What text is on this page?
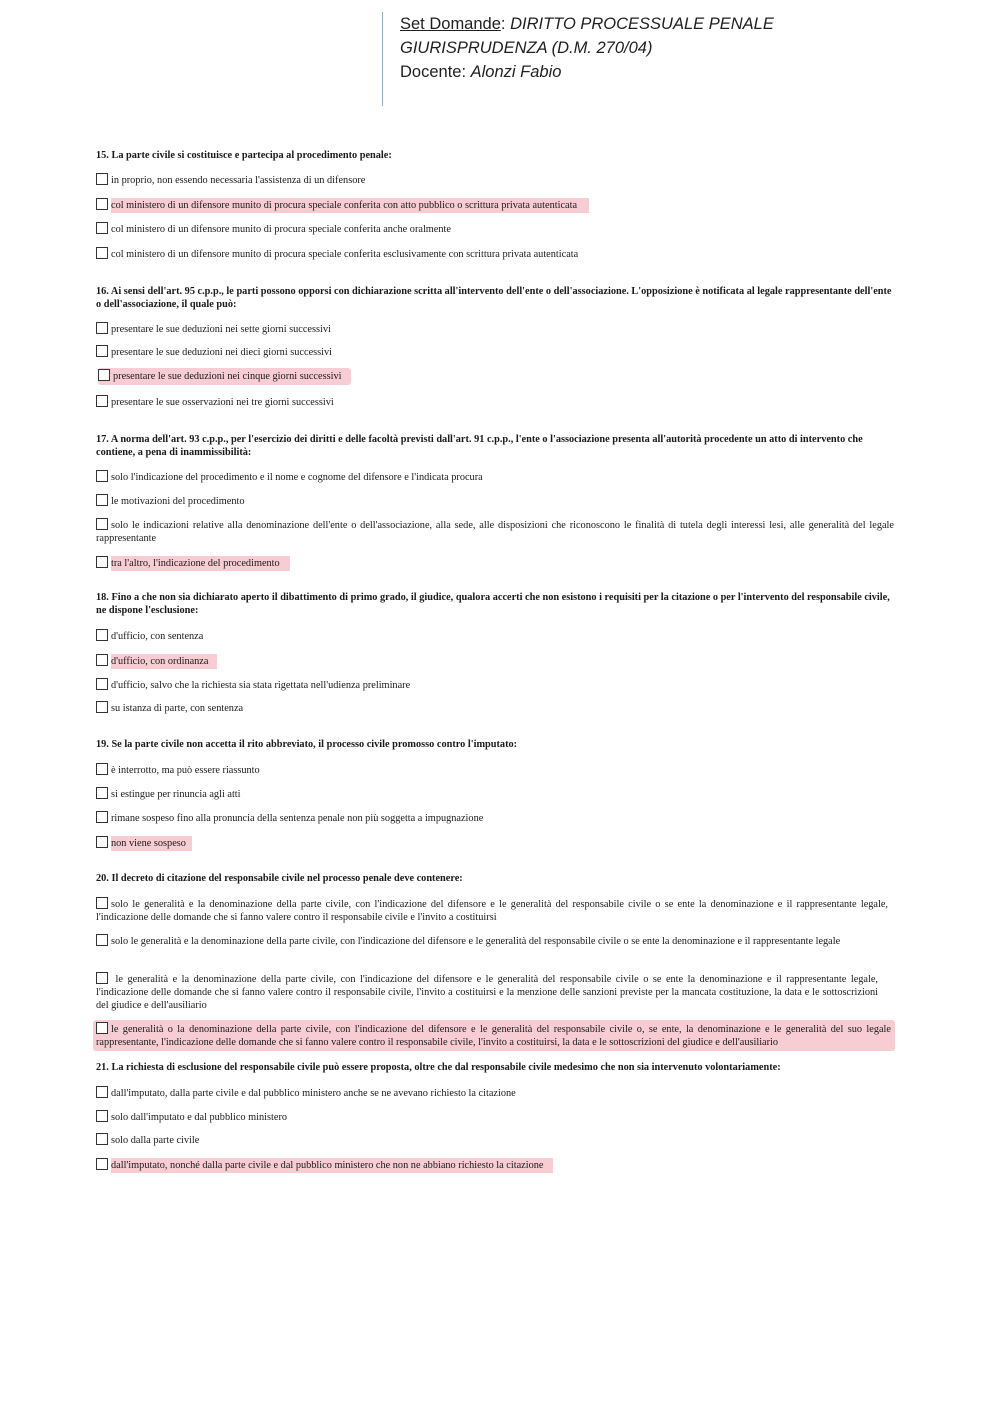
Set Domande: DIRITTO PROCESSUALE PENALE
GIURISPRUDENZA (D.M. 270/04)
Docente: Alonzi Fabio

15. La parte civile si costituisce e partecipa al procedimento penale:

in proprio, non essendo necessaria l'assistenza di un difensore
col ministero di un difensore munito di procura speciale conferita con atto pubblico o scrittura privata autenticata
col ministero di un difensore munito di procura speciale conferita anche oralmente
col ministero di un difensore munito di procura speciale conferita esclusivamente con scrittura privata autenticata

16. Ai sensi dell'art. 95 c.p.p., le parti possono opporsi con dichiarazione scritta all'intervento dell'ente o dell'associazione. L'opposizione è notificata al legale rappresentante dell'ente o dell'associazione, il quale può:

presentare le sue deduzioni nei sette giorni successivi
presentare le sue deduzioni nei dieci giorni successivi
presentare le sue deduzioni nei cinque giorni successivi
presentare le sue osservazioni nei tre giorni successivi

17. A norma dell'art. 93 c.p.p., per l'esercizio dei diritti e delle facoltà previsti dall'art. 91 c.p.p., l'ente o l'associazione presenta all'autorità procedente un atto di intervento che contiene, a pena di inammissibilità:

solo l'indicazione del procedimento e il nome e cognome del difensore e l'indicata procura
le motivazioni del procedimento
solo le indicazioni relative alla denominazione dell'ente o dell'associazione, alla sede, alle disposizioni che riconoscono le finalità di tutela degli interessi lesi, alle generalità del legale rappresentante
tra l'altro, l'indicazione del procedimento

18. Fino a che non sia dichiarato aperto il dibattimento di primo grado, il giudice, qualora accerti che non esistono i requisiti per la citazione o per l'intervento del responsabile civile, ne dispone l'esclusione:

d'ufficio, con sentenza
d'ufficio, con ordinanza
d'ufficio, salvo che la richiesta sia stata rigettata nell'udienza preliminare
su istanza di parte, con sentenza

19. Se la parte civile non accetta il rito abbreviato, il processo civile promosso contro l'imputato:

è interrotto, ma può essere riassunto
si estingue per rinuncia agli atti
rimane sospeso fino alla pronuncia della sentenza penale non più soggetta a impugnazione
non viene sospeso

20. Il decreto di citazione del responsabile civile nel processo penale deve contenere:

solo le generalità e la denominazione della parte civile, con l'indicazione del difensore e le generalità del responsabile civile o se ente la denominazione e il rappresentante legale, l'indicazione delle domande che si fanno valere contro il responsabile civile e l'invito a costituirsi
solo le generalità e la denominazione della parte civile, con l'indicazione del difensore e le generalità del responsabile civile o se ente la denominazione e il rappresentante legale
le generalità e la denominazione della parte civile, con l'indicazione del difensore e le generalità del responsabile civile o se ente la denominazione e il rappresentante legale, l'indicazione delle domande che si fanno valere contro il responsabile civile, l'invito a costituirsi e la menzione delle sanzioni previste per la mancata costituzione, la data e le sottoscrizioni del giudice e dell'ausiliario
le generalità o la denominazione della parte civile, con l'indicazione del difensore e le generalità del responsabile civile o, se ente, la denominazione e le generalità del suo legale rappresentante, l'indicazione delle domande che si fanno valere contro il responsabile civile, l'invito a costituirsi, la data e le sottoscrizioni del giudice e dell'ausiliario

21. La richiesta di esclusione del responsabile civile può essere proposta, oltre che dal responsabile civile medesimo che non sia intervenuto volontariamente:

dall'imputato, dalla parte civile e dal pubblico ministero anche se ne avevano richiesto la citazione
solo dall'imputato e dal pubblico ministero
solo dalla parte civile
dall'imputato, nonché dalla parte civile e dal pubblico ministero che non ne abbiano richiesto la citazione
